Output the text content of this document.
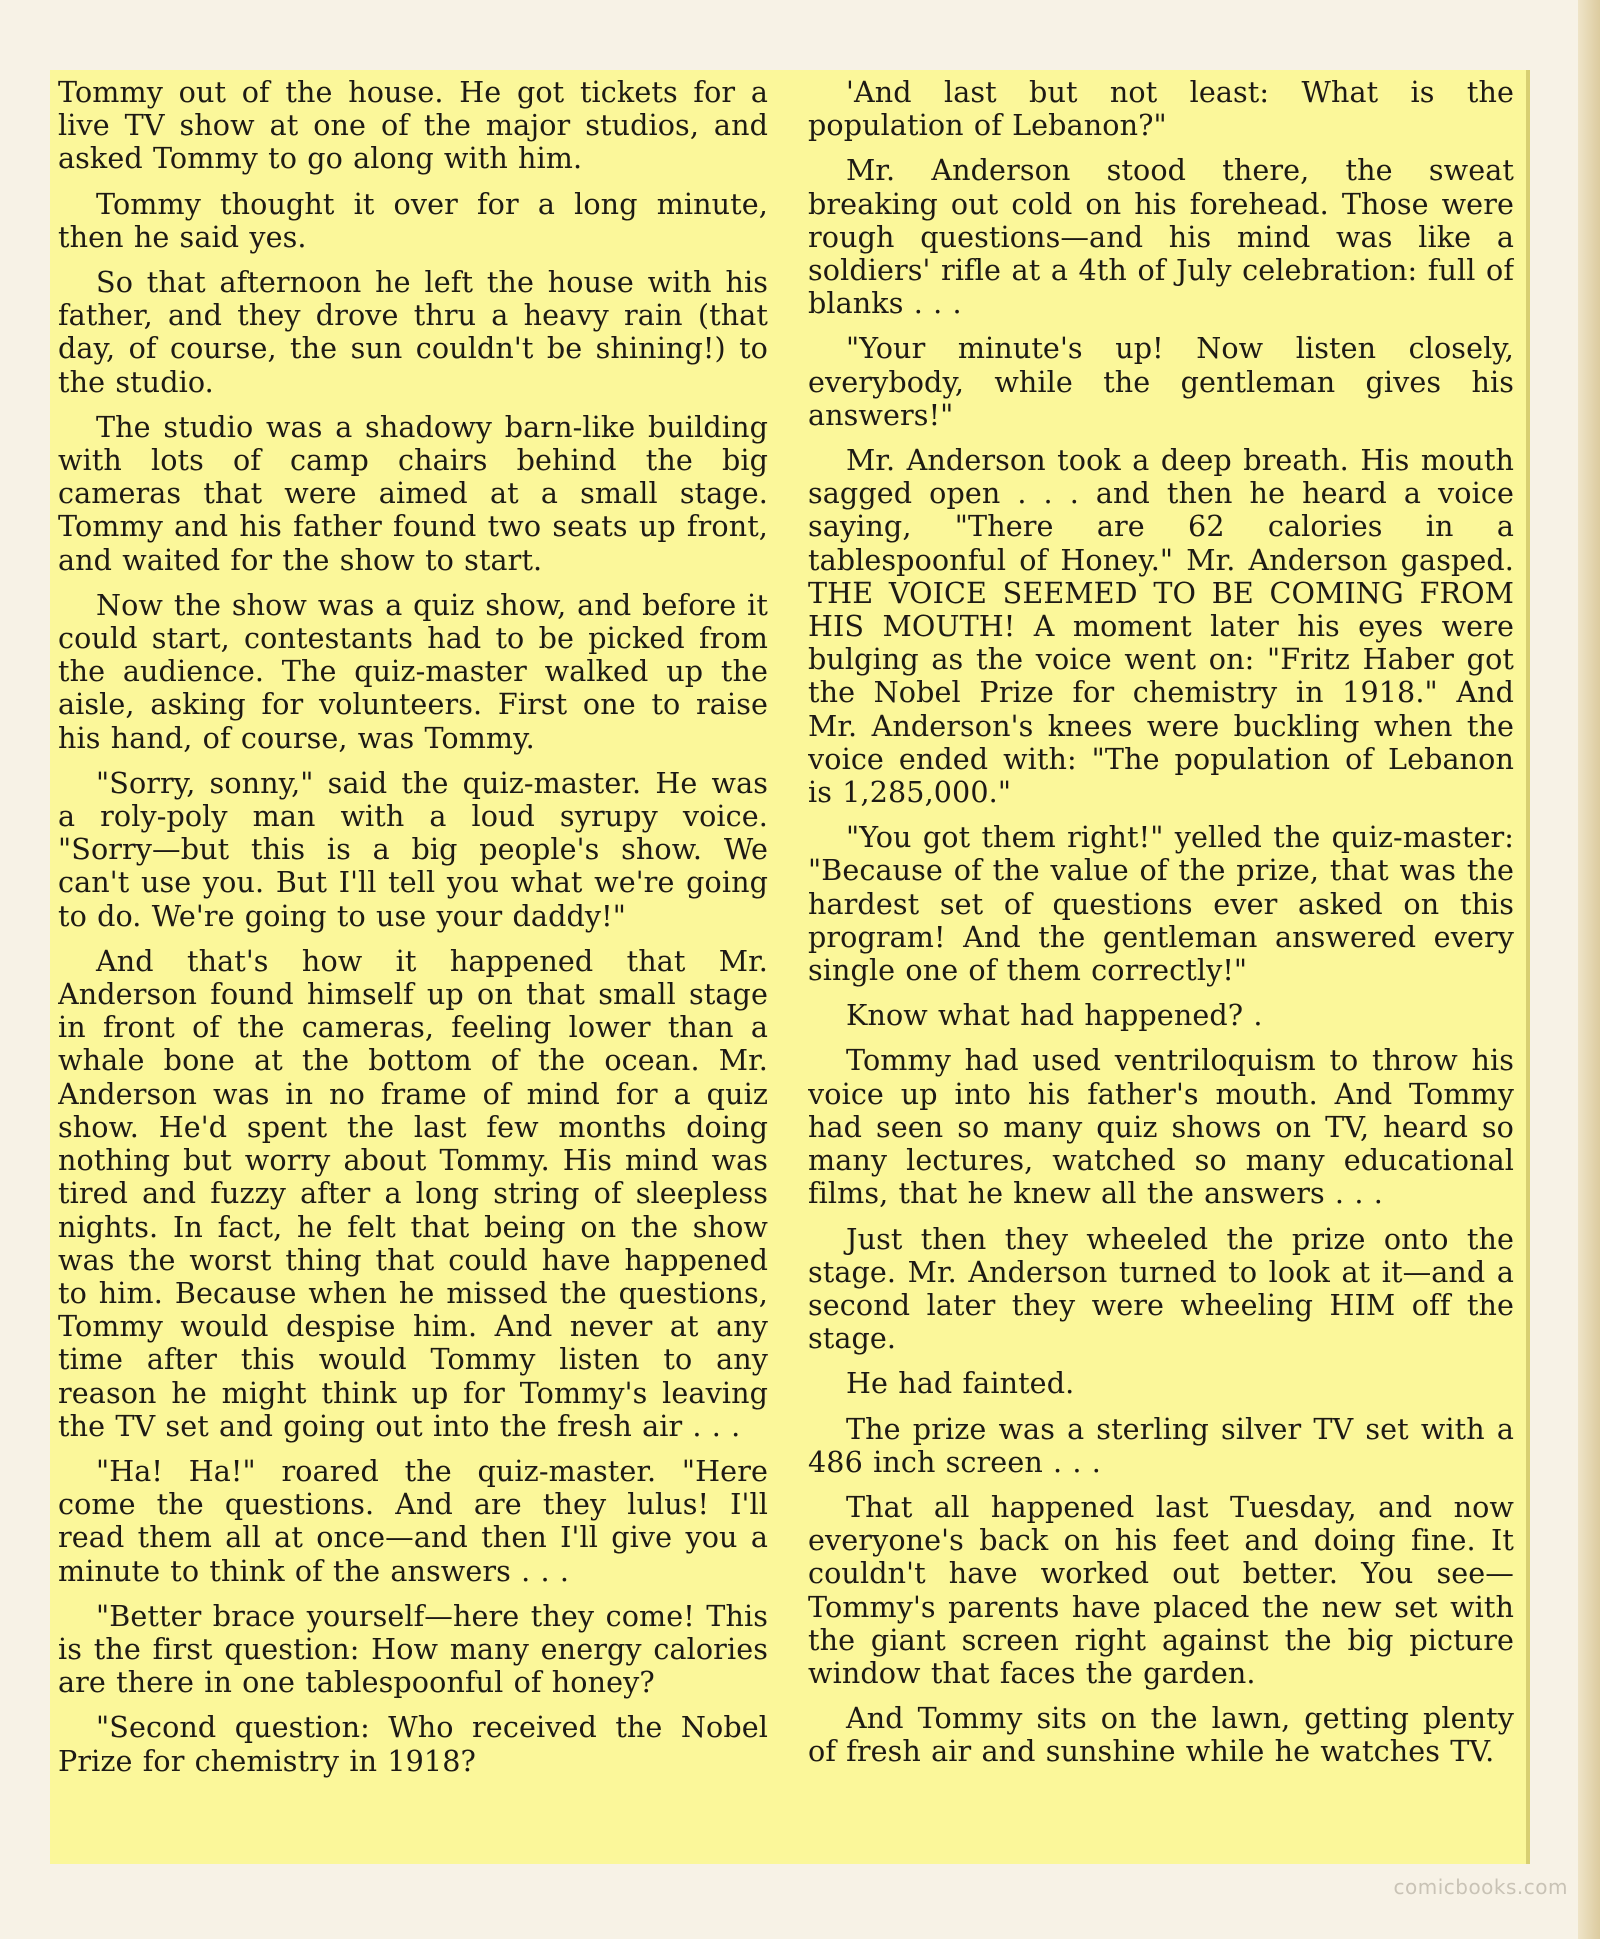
Tommy out of the house. He got tickets for a live TV show at one of the major studios, and asked Tommy to go along with him.

Tommy thought it over for a long minute, then he said yes.

So that afternoon he left the house with his father, and they drove thru a heavy rain (that day, of course, the sun couldn't be shining!) to the studio.

The studio was a shadowy barn-like building with lots of camp chairs behind the big cameras that were aimed at a small stage. Tommy and his father found two seats up front, and waited for the show to start.

Now the show was a quiz show, and before it could start, contestants had to be picked from the audience. The quiz-master walked up the aisle, asking for volunteers. First one to raise his hand, of course, was Tommy.

"Sorry, sonny," said the quiz-master. He was a roly-poly man with a loud syrupy voice. "Sorry—but this is a big people's show. We can't use you. But I'll tell you what we're going to do. We're going to use your daddy!"

And that's how it happened that Mr. Anderson found himself up on that small stage in front of the cameras, feeling lower than a whale bone at the bottom of the ocean. Mr. Anderson was in no frame of mind for a quiz show. He'd spent the last few months doing nothing but worry about Tommy. His mind was tired and fuzzy after a long string of sleepless nights. In fact, he felt that being on the show was the worst thing that could have happened to him. Because when he missed the questions, Tommy would despise him. And never at any time after this would Tommy listen to any reason he might think up for Tommy's leaving the TV set and going out into the fresh air . . .

"Ha! Ha!" roared the quiz-master. "Here come the questions. And are they lulus! I'll read them all at once—and then I'll give you a minute to think of the answers . . .

"Better brace yourself—here they come! This is the first question: How many energy calories are there in one tablespoonful of honey?

"Second question: Who received the Nobel Prize for chemistry in 1918?

'And last but not least: What is the population of Lebanon?"

Mr. Anderson stood there, the sweat breaking out cold on his forehead. Those were rough questions—and his mind was like a soldiers' rifle at a 4th of July celebration: full of blanks . . .

"Your minute's up! Now listen closely, everybody, while the gentleman gives his answers!"

Mr. Anderson took a deep breath. His mouth sagged open . . . and then he heard a voice saying, "There are 62 calories in a tablespoonful of Honey." Mr. Anderson gasped. THE VOICE SEEMED TO BE COMING FROM HIS MOUTH! A moment later his eyes were bulging as the voice went on: "Fritz Haber got the Nobel Prize for chemistry in 1918." And Mr. Anderson's knees were buckling when the voice ended with: "The population of Lebanon is 1,285,000."

"You got them right!" yelled the quiz-master: "Because of the value of the prize, that was the hardest set of questions ever asked on this program! And the gentleman answered every single one of them correctly!"

Know what had happened? .

Tommy had used ventriloquism to throw his voice up into his father's mouth. And Tommy had seen so many quiz shows on TV, heard so many lectures, watched so many educational films, that he knew all the answers . . .

Just then they wheeled the prize onto the stage. Mr. Anderson turned to look at it—and a second later they were wheeling HIM off the stage.

He had fainted.

The prize was a sterling silver TV set with a 486 inch screen . . .

That all happened last Tuesday, and now everyone's back on his feet and doing fine. It couldn't have worked out better. You see—Tommy's parents have placed the new set with the giant screen right against the big picture window that faces the garden.

And Tommy sits on the lawn, getting plenty of fresh air and sunshine while he watches TV.

comicbooks.com
